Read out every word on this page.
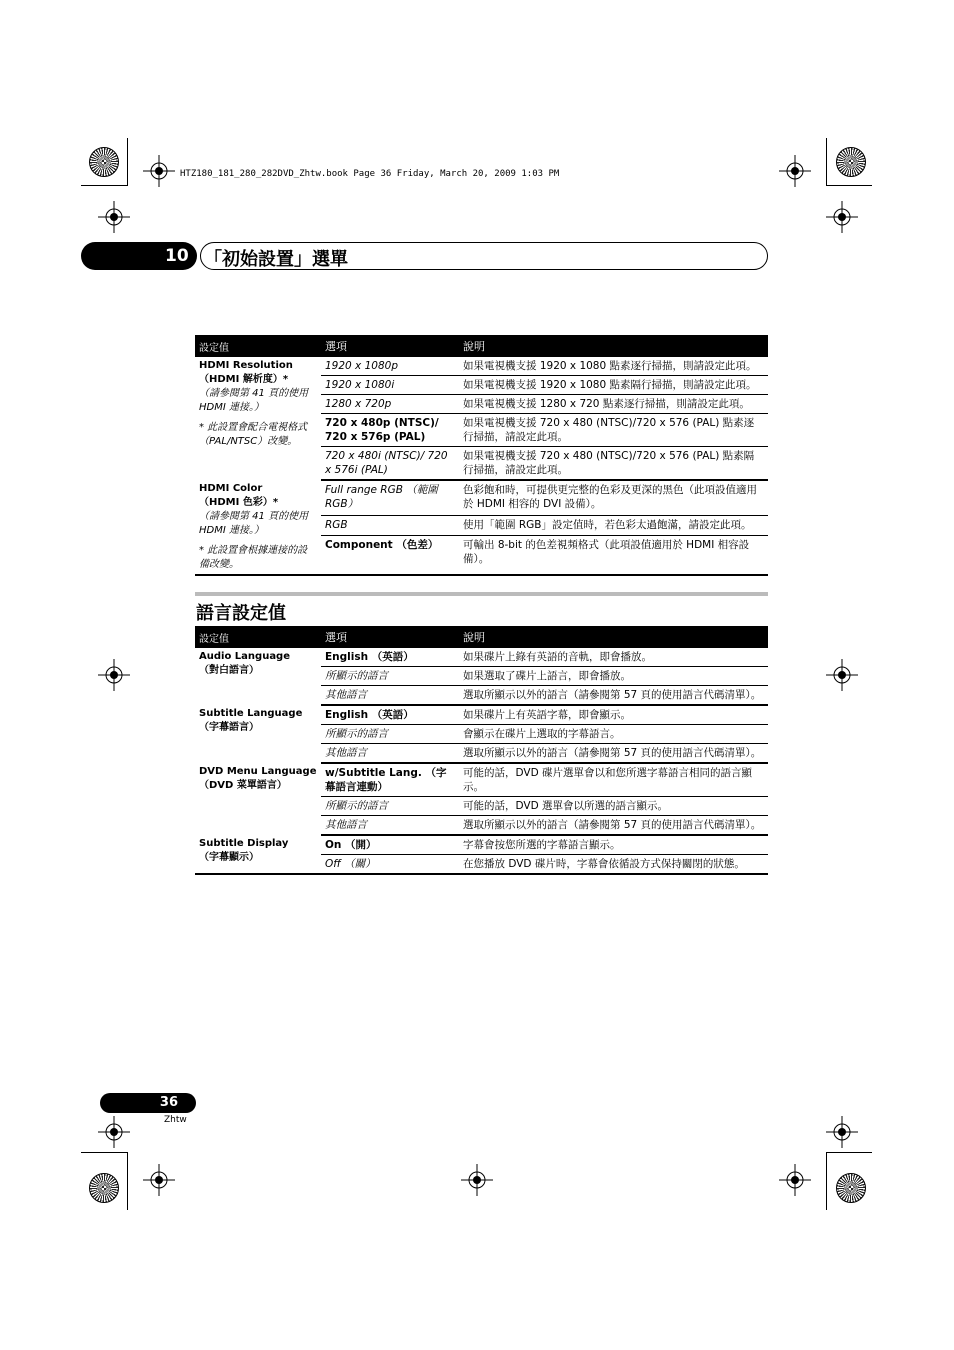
HTZ180_181_280_282DVD_Zhtw.book Page 36 Friday, March 20, 2009 1:03 PM
10 「初始設置」選單
設定值	選項	說明

HDMI Resolution
（HDMI 解析度）*
（請參閱第 41 頁的使用 HDMI 連接。）
* 此設置會配合電視格式（PAL/NTSC）改變。	1920 x 1080p	如果電視機支援 1920 x 1080 點素逐行掃描，則請設定此項。
	1920 x 1080i	如果電視機支援 1920 x 1080 點素隔行掃描，則請設定此項。
	1280 x 720p	如果電視機支援 1280 x 720 點素逐行掃描，則請設定此項。
	720 x 480p (NTSC)/ 720 x 576p (PAL)	如果電視機支援 720 x 480 (NTSC)/720 x 576 (PAL) 點素逐行掃描，請設定此項。
	720 x 480i (NTSC)/ 720 x 576i (PAL)	如果電視機支援 720 x 480 (NTSC)/720 x 576 (PAL) 點素隔行掃描，請設定此項。

HDMI Color
（HDMI 色彩）*
（請參閱第 41 頁的使用 HDMI 連接。）
* 此設置會根據連接的設備改變。	Full range RGB （範圍 RGB）	色彩飽和時，可提供更完整的色彩及更深的黑色（此項設值適用於 HDMI 相容的 DVI 設備）。
	RGB	使用「範圍 RGB」設定值時，若色彩太過飽滿，請設定此項。
	Component （色差）	可輸出 8-bit 的色差視頻格式（此項設值適用於 HDMI 相容設備）。
語言設定值
設定值	選項	說明

Audio Language
（對白語言）	English （英語）	如果碟片上錄有英語的音軌，即會播放。
	所顯示的語言	如果選取了碟片上語言，即會播放。
	其他語言	選取所顯示以外的語言（請參閱第 57 頁的使用語言代碼清單）。

Subtitle Language
（字幕語言）	English （英語）	如果碟片上有英語字幕，即會顯示。
	所顯示的語言	會顯示在碟片上選取的字幕語言。
	其他語言	選取所顯示以外的語言（請參閱第 57 頁的使用語言代碼清單）。

DVD Menu Language
（DVD 菜單語言）	w/Subtitle Lang. （字幕語言連動）	可能的話，DVD 碟片選單會以和您所選字幕語言相同的語言顯示。
	所顯示的語言	可能的話，DVD 選單會以所選的語言顯示。
	其他語言	選取所顯示以外的語言（請參閱第 57 頁的使用語言代碼清單）。

Subtitle Display
（字幕顯示）	On （開）	字幕會按您所選的字幕語言顯示。
	Off （關）	在您播放 DVD 碟片時，字幕會依循設方式保持關閉的狀態。
36
Zhtw
